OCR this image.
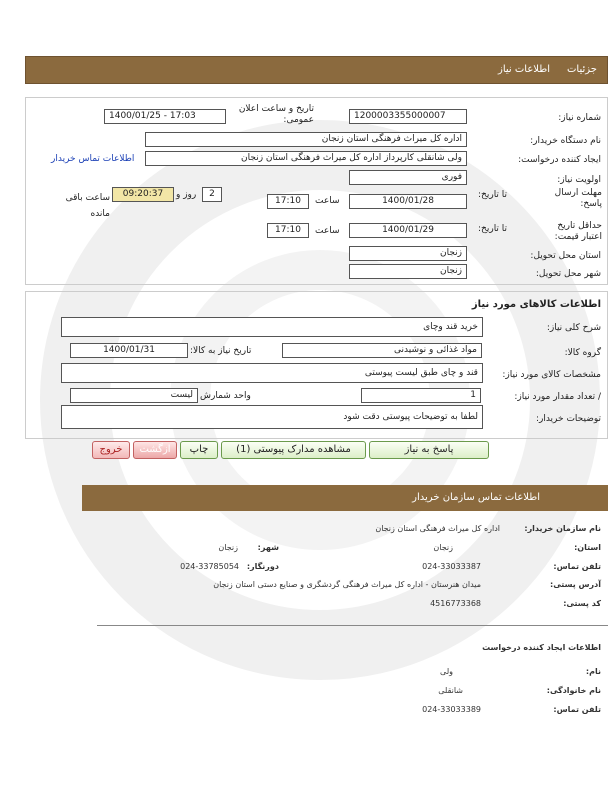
جزئیات
اطلاعات نیاز
شماره نیاز:
1200003355000007
تاریخ و ساعت اعلان عمومی:
1400/01/25 - 17:03
نام دستگاه خریدار:
اداره کل میراث فرهنگی استان زنجان
ایجاد کننده درخواست:
ولی شانقلی کارپرداز اداره کل میراث فرهنگی استان زنجان
اطلاعات تماس خریدار
اولویت نیاز:
فوری
مهلت ارسال پاسخ:
تا تاریخ:
1400/01/28
ساعت
17:10
2
روز و
09:20:37
ساعت باقی مانده
حداقل تاریخ اعتبار قیمت:
تا تاریخ:
1400/01/29
ساعت
17:10
استان محل تحویل:
زنجان
شهر محل تحویل:
زنجان
اطلاعات کالاهای مورد نیاز
شرح کلی نیاز:
خرید قند وچای
گروه کالا:
مواد غذائی و نوشیدنی
تاریخ نیاز به کالا:
1400/01/31
مشخصات کالای مورد نیاز:
قند و چای طبق لیست پیوستی
/ تعداد مقدار مورد نیاز:
1
واحد شمارش
لیست
توضیحات خریدار:
لطفا به توضیحات پیوستی دقت شود
پاسخ به نیاز
مشاهده مدارک پیوستی (1)
چاپ
ازگشت
خروج
اطلاعات تماس سازمان خریدار
نام سازمان خریدار:
اداره کل میراث فرهنگی استان زنجان
استان:
زنجان
شهر:
زنجان
تلفن تماس:
024-33033387
دورنگار:
024-33785054
آدرس پستی:
میدان هنرستان - اداره کل میراث فرهنگی گردشگری و صنایع دستی استان زنجان
کد پستی:
4516773368
اطلاعات ایجاد کننده درخواست
نام:
ولی
نام خانوادگی:
شانقلی
تلفن تماس:
024-33033389
